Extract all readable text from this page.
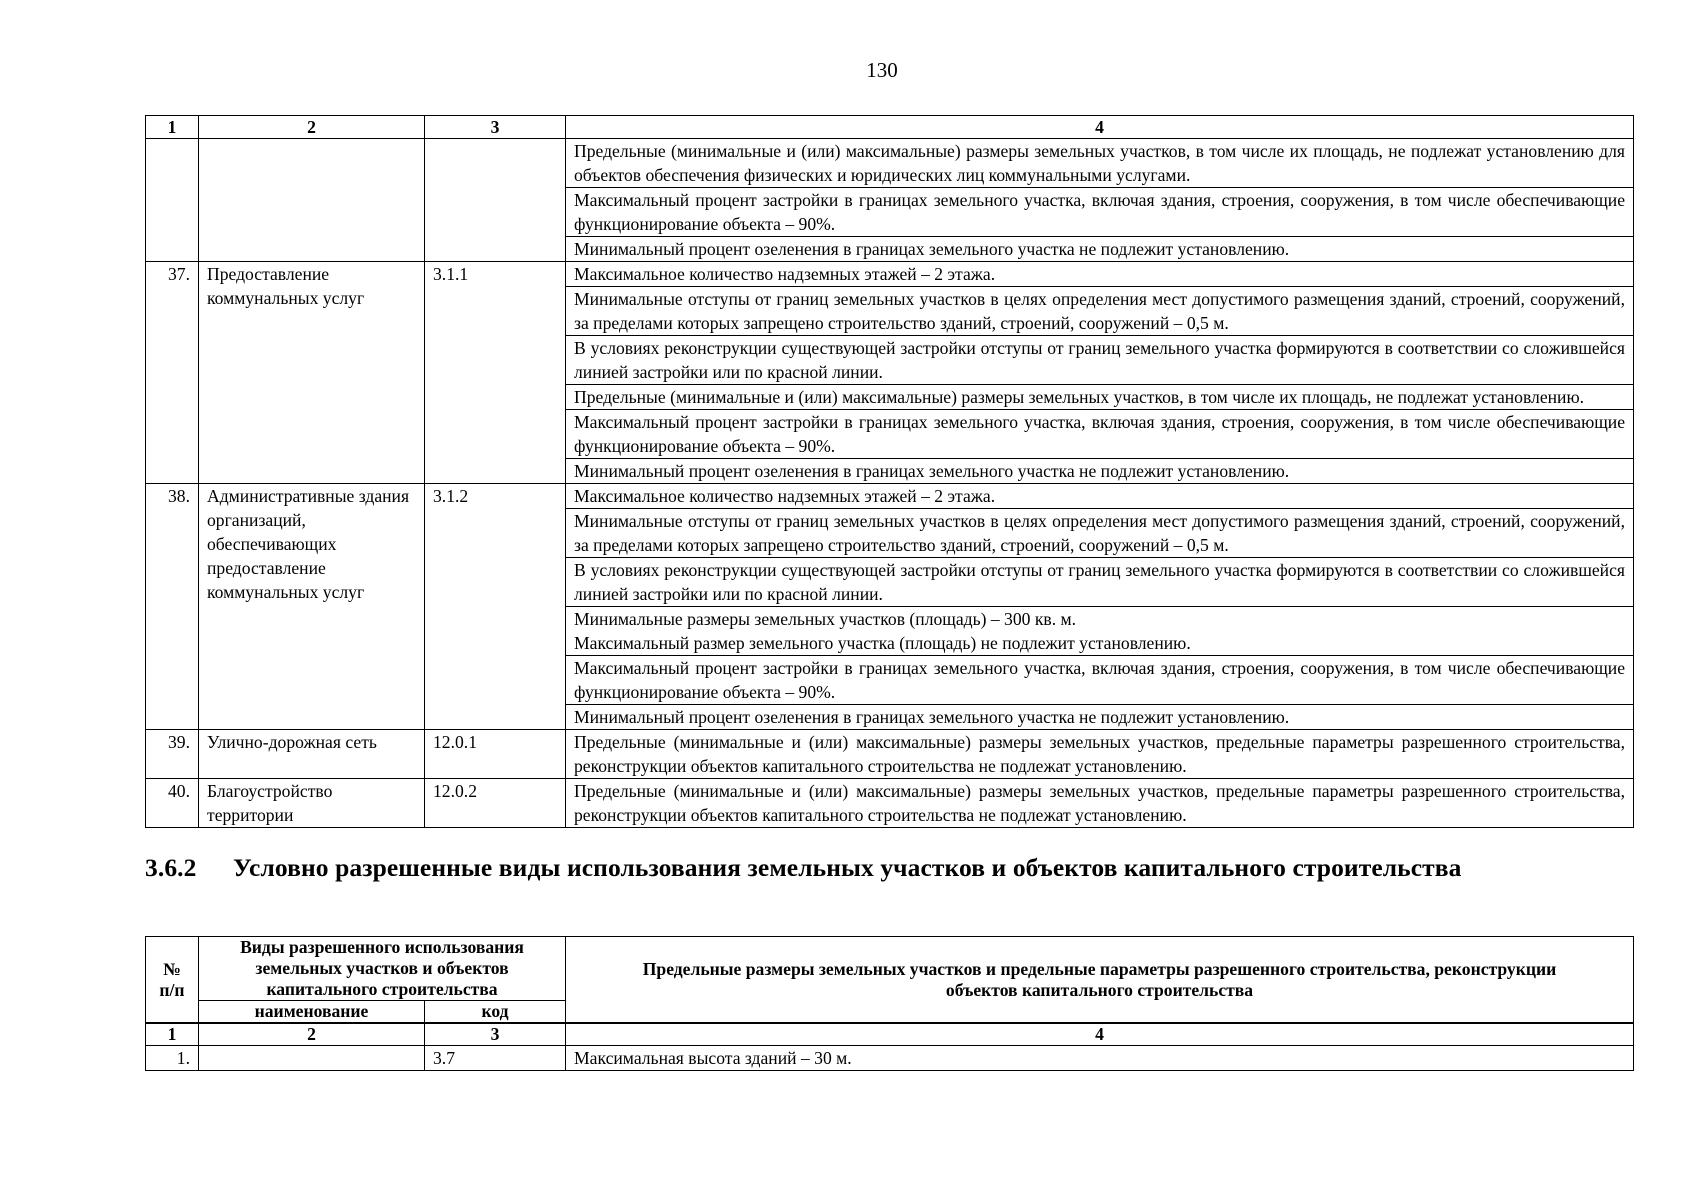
130
1	2	3	4
			Предельные (минимальные и (или) максимальные) размеры земельных участков, в том числе их площадь, не подлежат установлению для объектов обеспечения физических и юридических лиц коммунальными услугами.
			Максимальный процент застройки в границах земельного участка, включая здания, строения, сооружения, в том числе обеспечивающие функционирование объекта – 90%.
			Минимальный процент озеленения в границах земельного участка не подлежит установлению.
37.	Предоставление коммунальных услуг	3.1.1	Максимальное количество надземных этажей – 2 этажа.
			Минимальные отступы от границ земельных участков в целях определения мест допустимого размещения зданий, строений, сооружений, за пределами которых запрещено строительство зданий, строений, сооружений – 0,5 м.
			В условиях реконструкции существующей застройки отступы от границ земельного участка формируются в соответствии со сложившейся линией застройки или по красной линии.
			Предельные (минимальные и (или) максимальные) размеры земельных участков, в том числе их площадь, не подлежат установлению.
			Максимальный процент застройки в границах земельного участка, включая здания, строения, сооружения, в том числе обеспечивающие функционирование объекта – 90%.
			Минимальный процент озеленения в границах земельного участка не подлежит установлению.
38.	Административные здания организаций, обеспечивающих предоставление коммунальных услуг	3.1.2	Максимальное количество надземных этажей – 2 этажа.
			Минимальные отступы от границ земельных участков в целях определения мест допустимого размещения зданий, строений, сооружений, за пределами которых запрещено строительство зданий, строений, сооружений – 0,5 м.
			В условиях реконструкции существующей застройки отступы от границ земельного участка формируются в соответствии со сложившейся линией застройки или по красной линии.
			Минимальные размеры земельных участков (площадь) – 300 кв. м.
Максимальный размер земельного участка (площадь) не подлежит установлению.
			Максимальный процент застройки в границах земельного участка, включая здания, строения, сооружения, в том числе обеспечивающие функционирование объекта – 90%.
			Минимальный процент озеленения в границах земельного участка не подлежит установлению.
39.	Улично-дорожная сеть	12.0.1	Предельные (минимальные и (или) максимальные) размеры земельных участков, предельные параметры разрешенного строительства, реконструкции объектов капитального строительства не подлежат установлению.
40.	Благоустройство территории	12.0.2	Предельные (минимальные и (или) максимальные) размеры земельных участков, предельные параметры разрешенного строительства, реконструкции объектов капитального строительства не подлежат установлению.
3.6.2 Условно разрешенные виды использования земельных участков и объектов капитального строительства
№
п/п	Виды разрешенного использования земельных участков и объектов капитального строительства		Предельные размеры земельных участков и предельные параметры разрешенного строительства, реконструкции объектов капитального строительства
	наименование	код	
1	2	3	4
1.		3.7	Максимальная высота зданий – 30 м.
